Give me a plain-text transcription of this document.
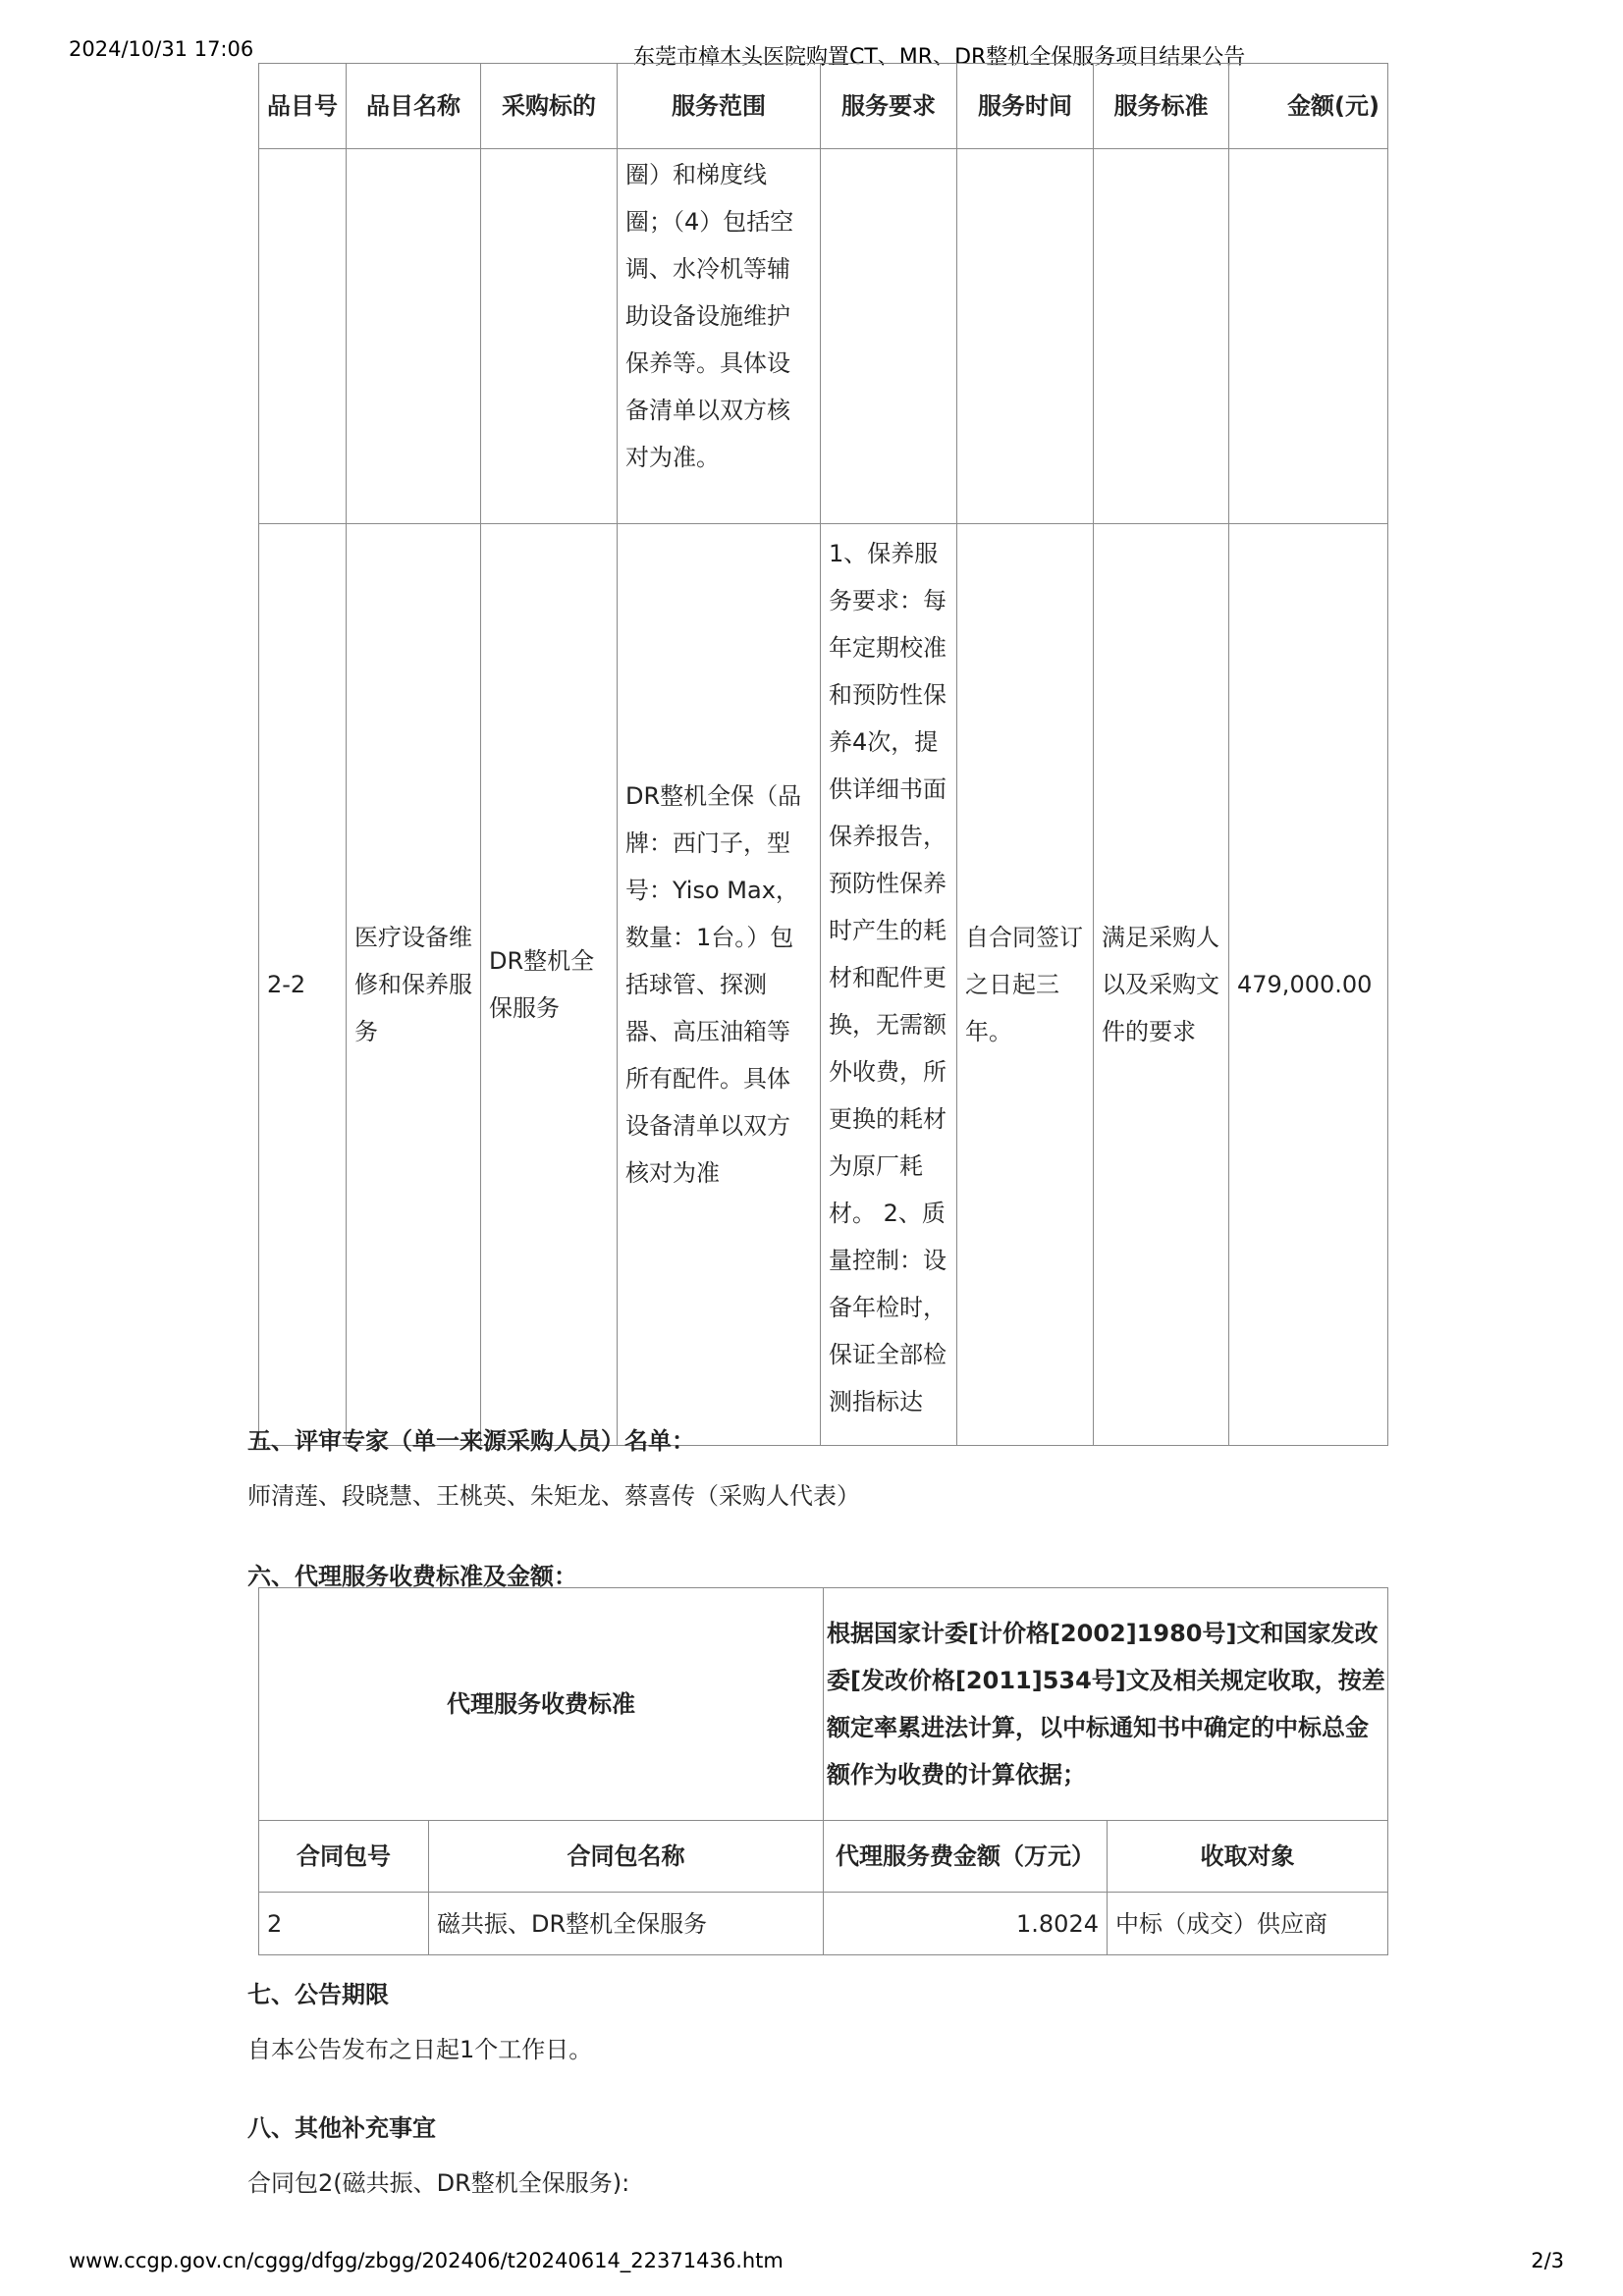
2024/10/31 17:06	东莞市樟木头医院购置CT、MR、DR整机全保服务项目结果公告
品目号	品目名称	采购标的	服务范围	服务要求	服务时间	服务标准	金额(元)
			圈）和梯度线圈；（4）包括空调、水冷机等辅助设备设施维护保养等。具体设备清单以双方核对为准。				
2-2	医疗设备维修和保养服务	DR整机全保服务	DR整机全保（品牌：西门子，型号：Yiso Max，数量：1台。）包括球管、探测器、高压油箱等所有配件。具体设备清单以双方核对为准	1、保养服务要求：每年定期校准和预防性保养4次，提供详细书面保养报告，预防性保养时产生的耗材和配件更换，无需额外收费，所更换的耗材为原厂耗材。 2、质量控制：设备年检时，保证全部检测指标达	自合同签订之日起三年。	满足采购人以及采购文件的要求	479,000.00
五、评审专家（单一来源采购人员）名单：
师清莲、段晓慧、王桃英、朱矩龙、蔡喜传（采购人代表）
六、代理服务收费标准及金额：
代理服务收费标准		根据国家计委[计价格[2002]1980号]文和国家发改委[发改价格[2011]534号]文及相关规定收取，按差额定率累进法计算，以中标通知书中确定的中标总金额作为收费的计算依据；	
合同包号	合同包名称	代理服务费金额（万元）	收取对象
2	磁共振、DR整机全保服务	1.8024	中标（成交）供应商
七、公告期限
自本公告发布之日起1个工作日。
八、其他补充事宜
合同包2(磁共振、DR整机全保服务):
www.ccgp.gov.cn/cggg/dfgg/zbgg/202406/t20240614_22371436.htm	2/3
